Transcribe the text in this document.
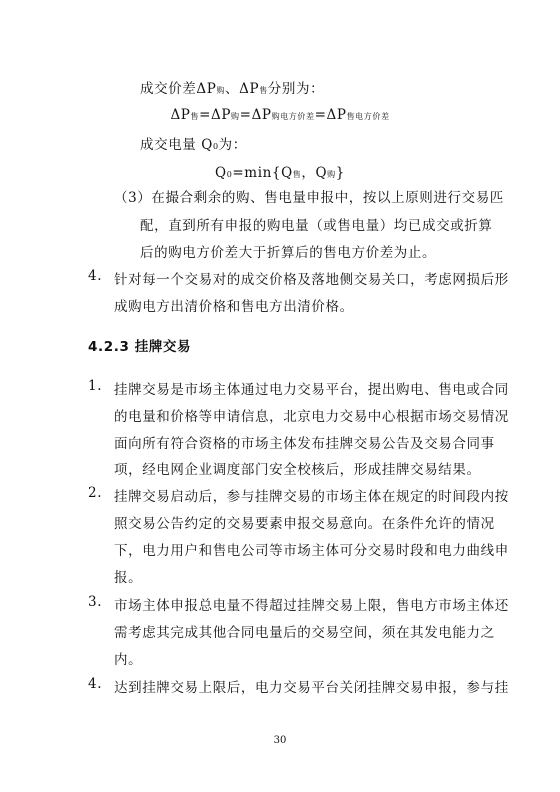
成交价差ΔP购、ΔP售分别为：
ΔP售=ΔP购=ΔP购电方价差=ΔP售电方价差
成交电量 Q0为：
Q0=min{Q售，Q购}
（3）在撮合剩余的购、售电量申报中，按以上原则进行交易匹
配，直到所有申报的购电量（或售电量）均已成交或折算
后的购电方价差大于折算后的售电方价差为止。
4. 针对每一个交易对的成交价格及落地侧交易关口，考虑网损后形
成购电方出清价格和售电方出清价格。
4.2.3 挂牌交易
1. 挂牌交易是市场主体通过电力交易平台，提出购电、售电或合同
的电量和价格等申请信息，北京电力交易中心根据市场交易情况
面向所有符合资格的市场主体发布挂牌交易公告及交易合同事
项，经电网企业调度部门安全校核后，形成挂牌交易结果。
2. 挂牌交易启动后，参与挂牌交易的市场主体在规定的时间段内按
照交易公告约定的交易要素申报交易意向。在条件允许的情况
下，电力用户和售电公司等市场主体可分交易时段和电力曲线申
报。
3. 市场主体申报总电量不得超过挂牌交易上限，售电方市场主体还
需考虑其完成其他合同电量后的交易空间，须在其发电能力之
内。
4. 达到挂牌交易上限后，电力交易平台关闭挂牌交易申报，参与挂
30
